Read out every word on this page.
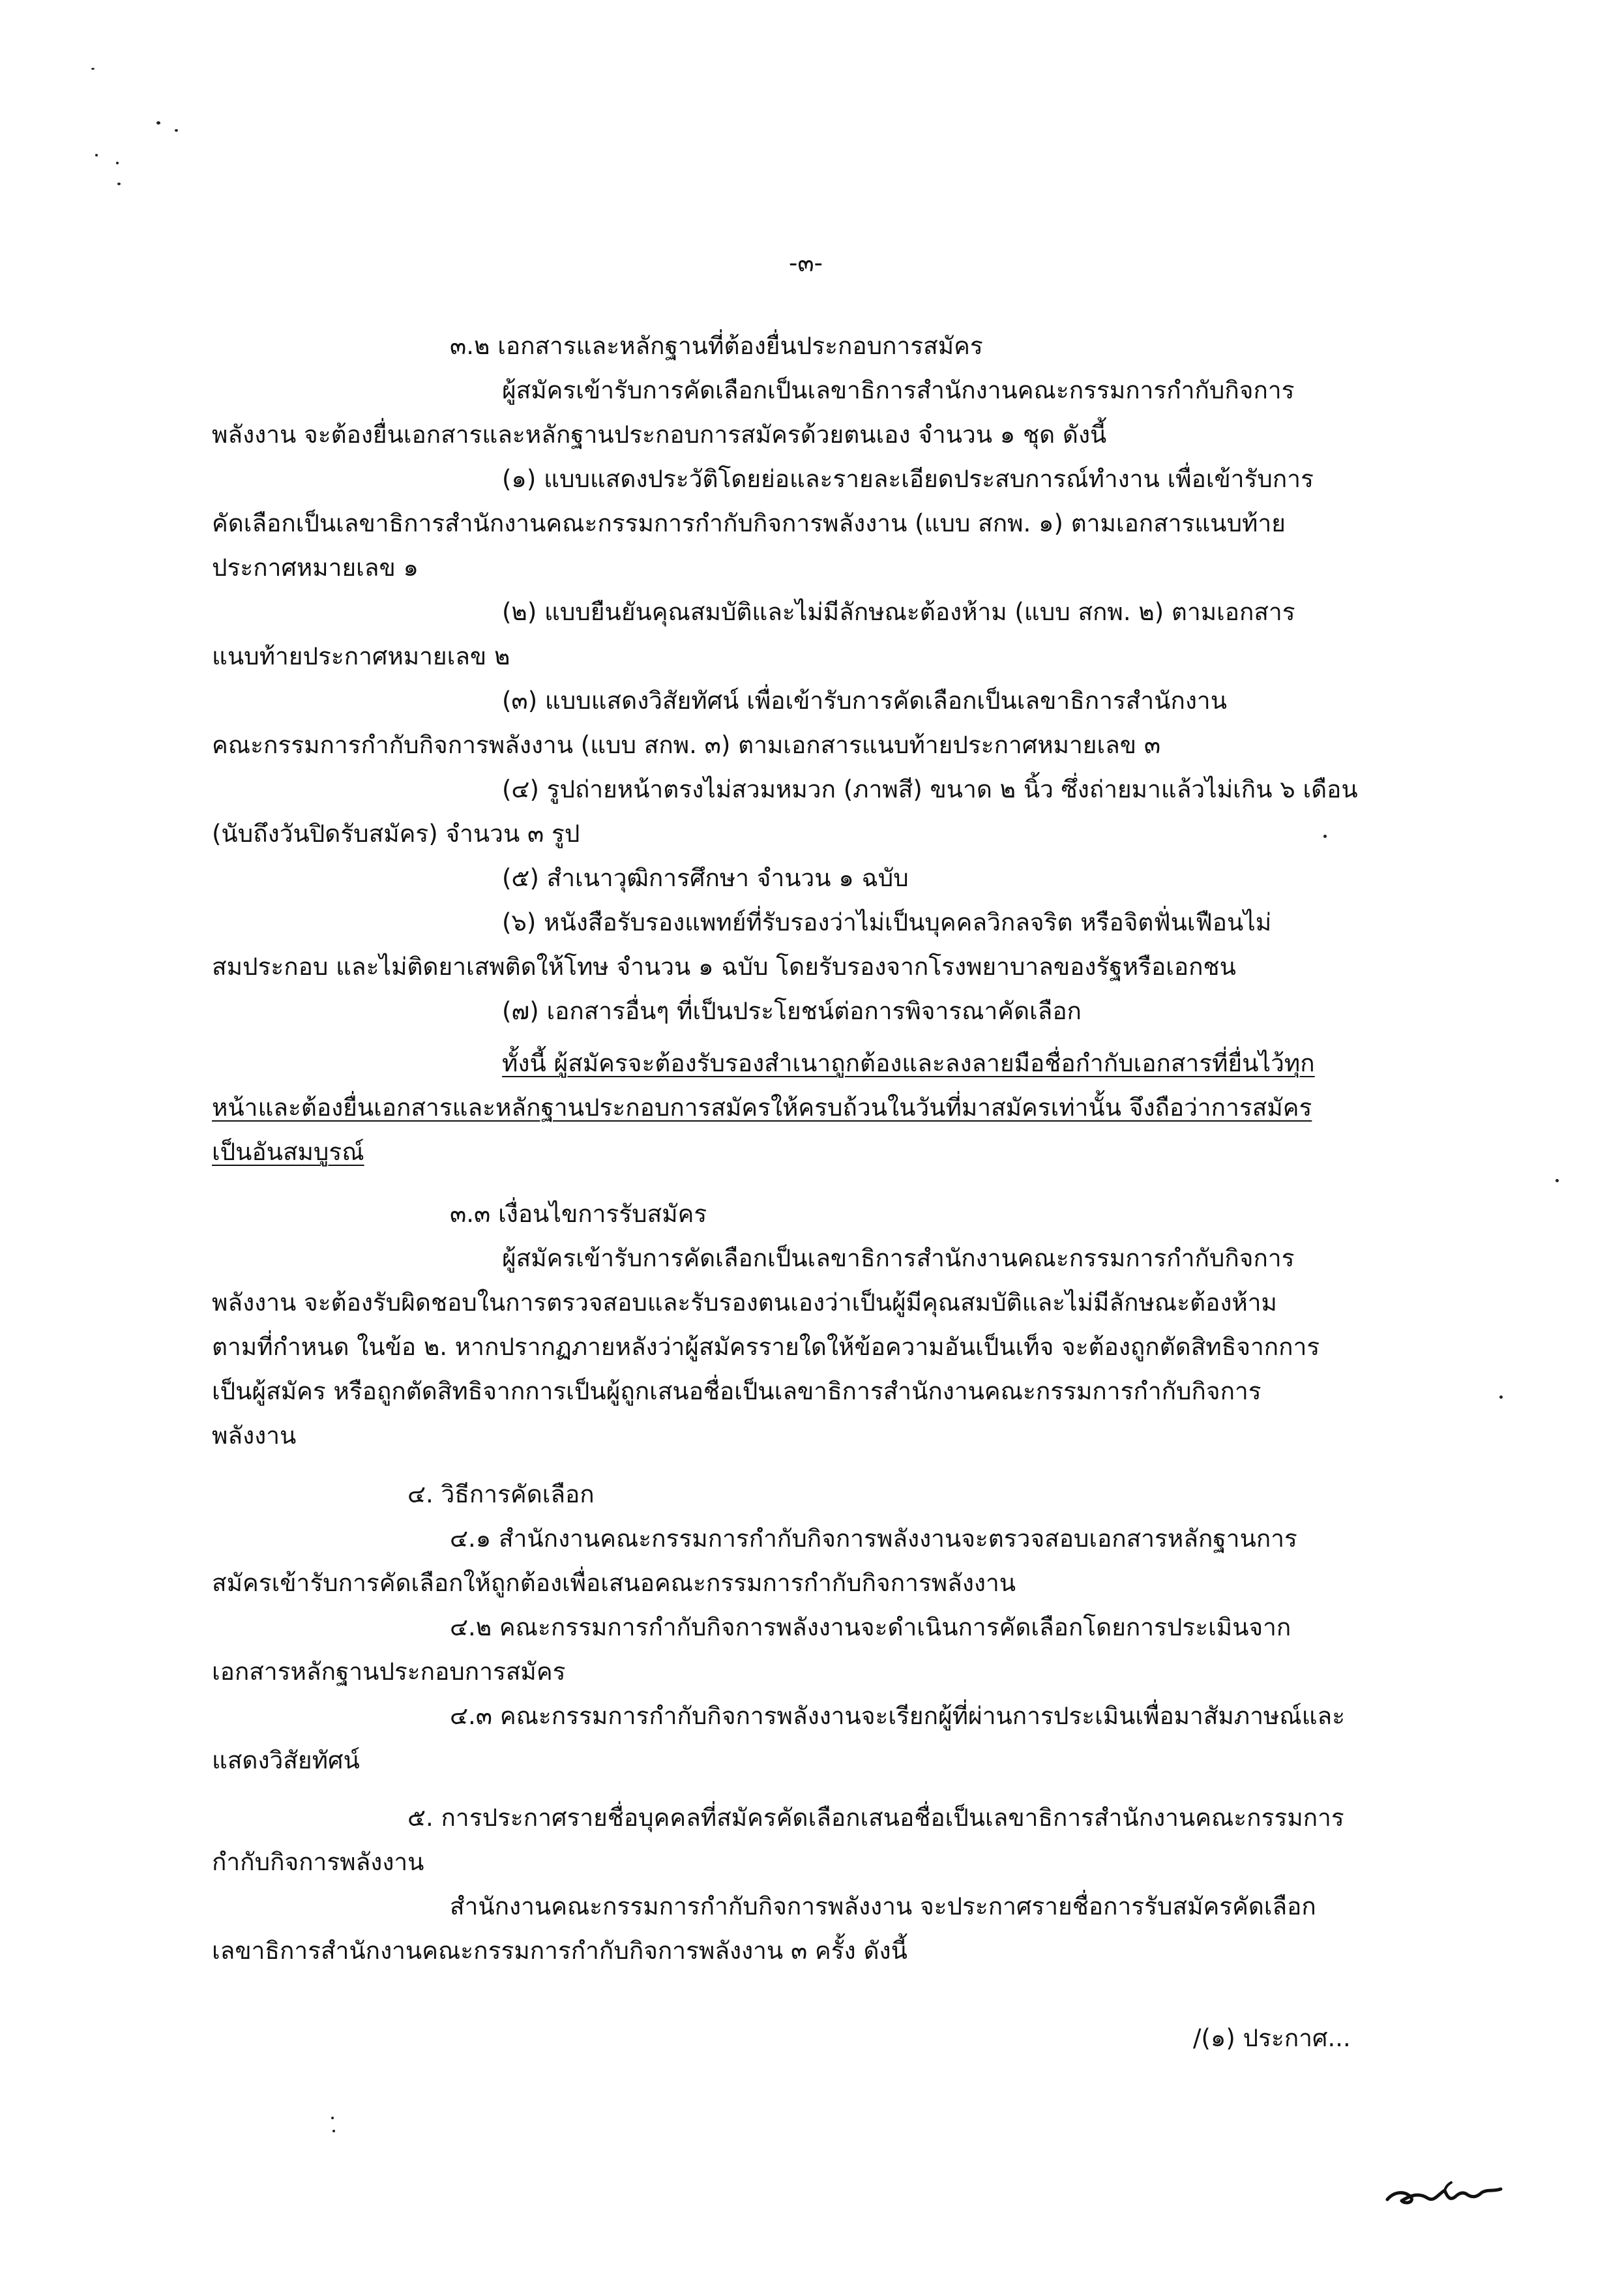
-๓-
๓.๒ เอกสารและหลักฐานที่ต้องยื่นประกอบการสมัคร
ผู้สมัครเข้ารับการคัดเลือกเป็นเลขาธิการสำนักงานคณะกรรมการกำกับกิจการ
พลังงาน จะต้องยื่นเอกสารและหลักฐานประกอบการสมัครด้วยตนเอง จำนวน ๑ ชุด ดังนี้
(๑) แบบแสดงประวัติโดยย่อและรายละเอียดประสบการณ์ทำงาน เพื่อเข้ารับการ
คัดเลือกเป็นเลขาธิการสำนักงานคณะกรรมการกำกับกิจการพลังงาน (แบบ สกพ. ๑) ตามเอกสารแนบท้าย
ประกาศหมายเลข ๑
(๒) แบบยืนยันคุณสมบัติและไม่มีลักษณะต้องห้าม (แบบ สกพ. ๒) ตามเอกสาร
แนบท้ายประกาศหมายเลข ๒
(๓) แบบแสดงวิสัยทัศน์ เพื่อเข้ารับการคัดเลือกเป็นเลขาธิการสำนักงาน
คณะกรรมการกำกับกิจการพลังงาน (แบบ สกพ. ๓) ตามเอกสารแนบท้ายประกาศหมายเลข ๓
(๔) รูปถ่ายหน้าตรงไม่สวมหมวก (ภาพสี) ขนาด ๒ นิ้ว ซึ่งถ่ายมาแล้วไม่เกิน ๖ เดือน
(นับถึงวันปิดรับสมัคร) จำนวน ๓ รูป
(๕) สำเนาวุฒิการศึกษา จำนวน ๑ ฉบับ
(๖) หนังสือรับรองแพทย์ที่รับรองว่าไม่เป็นบุคคลวิกลจริต หรือจิตฟั่นเฟือนไม่
สมประกอบ และไม่ติดยาเสพติดให้โทษ จำนวน ๑ ฉบับ โดยรับรองจากโรงพยาบาลของรัฐหรือเอกชน
(๗) เอกสารอื่นๆ ที่เป็นประโยชน์ต่อการพิจารณาคัดเลือก
ทั้งนี้ ผู้สมัครจะต้องรับรองสำเนาถูกต้องและลงลายมือชื่อกำกับเอกสารที่ยื่นไว้ทุก
หน้าและต้องยื่นเอกสารและหลักฐานประกอบการสมัครให้ครบถ้วนในวันที่มาสมัครเท่านั้น จึงถือว่าการสมัคร
เป็นอันสมบูรณ์
๓.๓ เงื่อนไขการรับสมัคร
ผู้สมัครเข้ารับการคัดเลือกเป็นเลขาธิการสำนักงานคณะกรรมการกำกับกิจการ
พลังงาน จะต้องรับผิดชอบในการตรวจสอบและรับรองตนเองว่าเป็นผู้มีคุณสมบัติและไม่มีลักษณะต้องห้าม
ตามที่กำหนด ในข้อ ๒. หากปรากฏภายหลังว่าผู้สมัครรายใดให้ข้อความอันเป็นเท็จ จะต้องถูกตัดสิทธิจากการ
เป็นผู้สมัคร หรือถูกตัดสิทธิจากการเป็นผู้ถูกเสนอชื่อเป็นเลขาธิการสำนักงานคณะกรรมการกำกับกิจการ
พลังงาน
๔. วิธีการคัดเลือก
๔.๑ สำนักงานคณะกรรมการกำกับกิจการพลังงานจะตรวจสอบเอกสารหลักฐานการ
สมัครเข้ารับการคัดเลือกให้ถูกต้องเพื่อเสนอคณะกรรมการกำกับกิจการพลังงาน
๔.๒ คณะกรรมการกำกับกิจการพลังงานจะดำเนินการคัดเลือกโดยการประเมินจาก
เอกสารหลักฐานประกอบการสมัคร
๔.๓ คณะกรรมการกำกับกิจการพลังงานจะเรียกผู้ที่ผ่านการประเมินเพื่อมาสัมภาษณ์และ
แสดงวิสัยทัศน์
๕. การประกาศรายชื่อบุคคลที่สมัครคัดเลือกเสนอชื่อเป็นเลขาธิการสำนักงานคณะกรรมการ
กำกับกิจการพลังงาน
สำนักงานคณะกรรมการกำกับกิจการพลังงาน จะประกาศรายชื่อการรับสมัครคัดเลือก
เลขาธิการสำนักงานคณะกรรมการกำกับกิจการพลังงาน ๓ ครั้ง ดังนี้
/(๑) ประกาศ...
